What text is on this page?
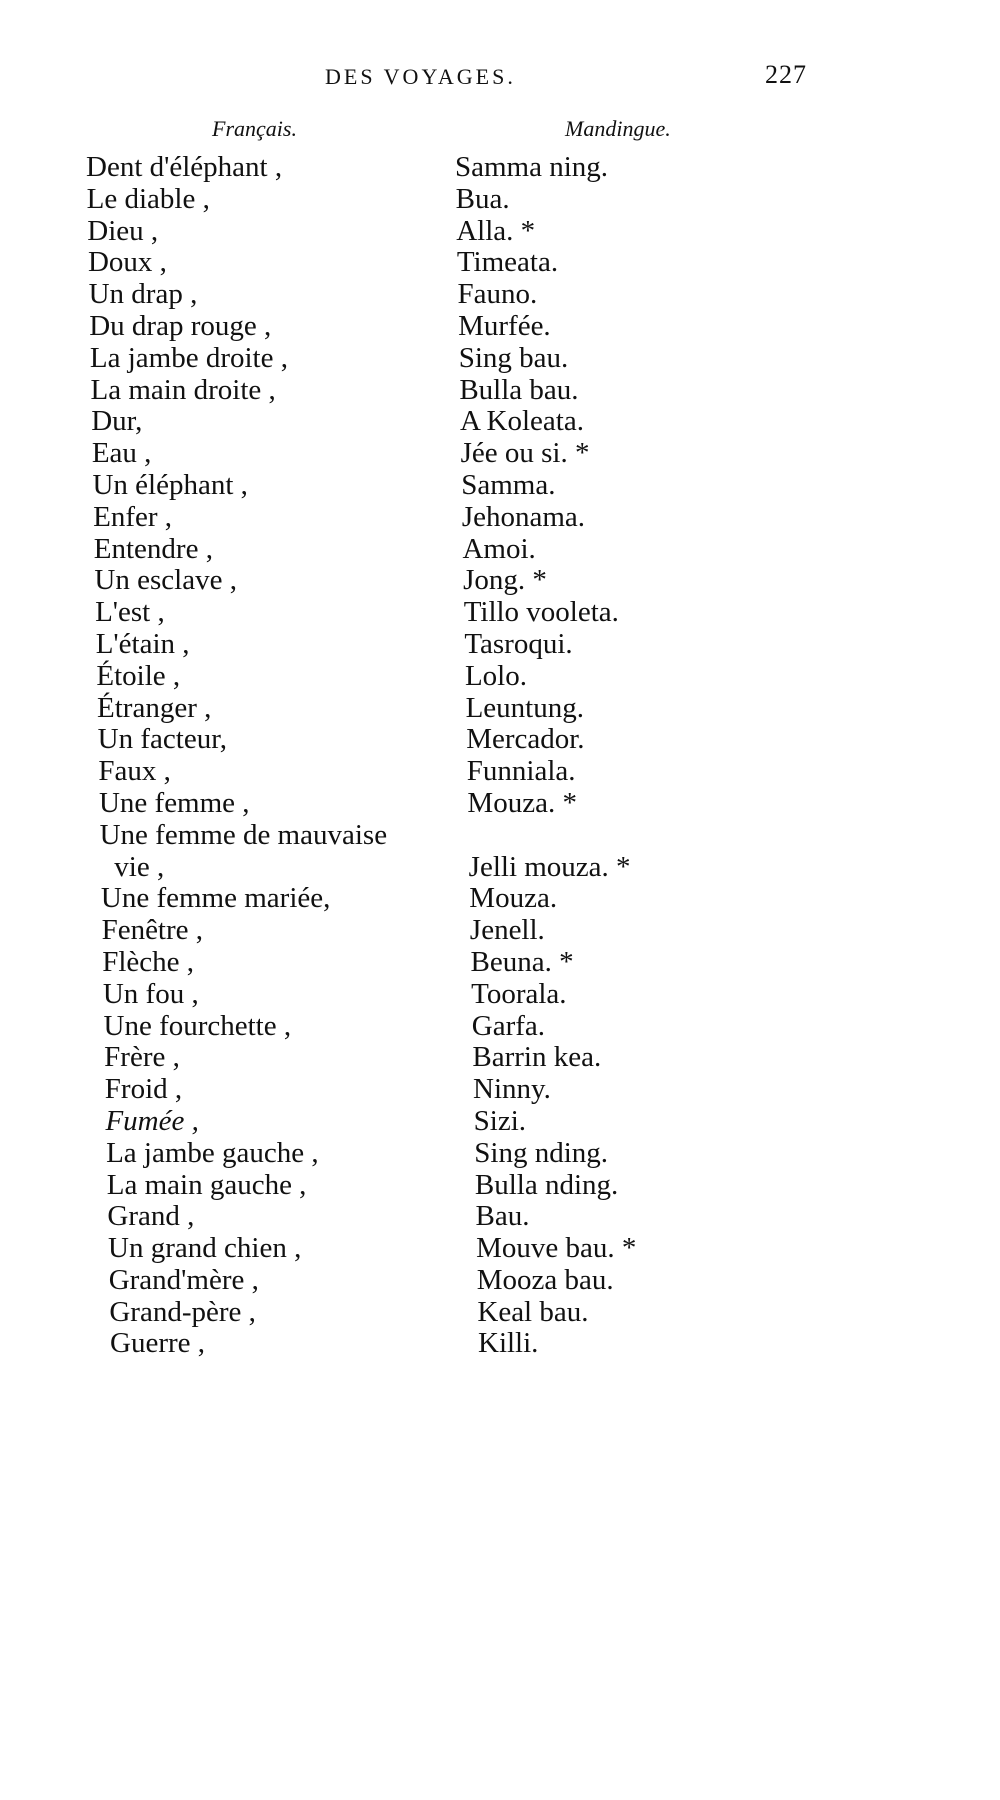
DES VOYAGES.	227
Français.	Mandingue.
Dent d'éléphant ,	Samma ning.
Le diable ,	Bua.
Dieu ,	Alla. *
Doux ,	Timeata.
Un drap ,	Fauno.
Du drap rouge ,	Murfée.
La jambe droite ,	Sing bau.
La main droite ,	Bulla bau.
Dur,	A Koleata.
Eau ,	Jée ou si. *
Un éléphant ,	Samma.
Enfer ,	Jehonama.
Entendre ,	Amoi.
Un esclave ,	Jong. *
L'est ,	Tillo vooleta.
L'étain ,	Tasroqui.
Étoile ,	Lolo.
Étranger ,	Leuntung.
Un facteur,	Mercador.
Faux ,	Funniala.
Une femme ,	Mouza. *
Une femme de mauvaise
vie ,	Jelli mouza. *
Une femme mariée,	Mouza.
Fenêtre ,	Jenell.
Flèche ,	Beuna. *
Un fou ,	Toorala.
Une fourchette ,	Garfa.
Frère ,	Barrin kea.
Froid ,	Ninny.
Fumée ,	Sizi.
La jambe gauche ,	Sing nding.
La main gauche ,	Bulla nding.
Grand ,	Bau.
Un grand chien ,	Mouve bau. *
Grand'mère ,	Mooza bau.
Grand-père ,	Keal bau.
Guerre ,	Killi.
